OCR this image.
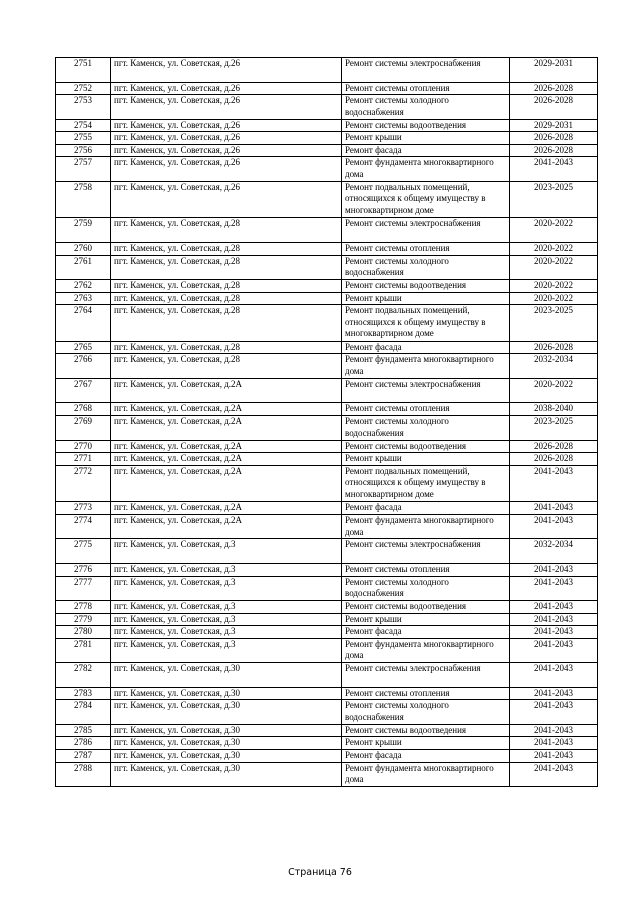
2751	пгт. Каменск, ул. Советская, д.26	Ремонт системы электроснабжения	2029-2031
2752	пгт. Каменск, ул. Советская, д.26	Ремонт системы отопления	2026-2028
2753	пгт. Каменск, ул. Советская, д.26	Ремонт системы холодного водоснабжения	2026-2028
2754	пгт. Каменск, ул. Советская, д.26	Ремонт системы водоотведения	2029-2031
2755	пгт. Каменск, ул. Советская, д.26	Ремонт крыши	2026-2028
2756	пгт. Каменск, ул. Советская, д.26	Ремонт фасада	2026-2028
2757	пгт. Каменск, ул. Советская, д.26	Ремонт фундамента многоквартирного дома	2041-2043
2758	пгт. Каменск, ул. Советская, д.26	Ремонт подвальных помещений, относящихся к общему имуществу в многоквартирном доме	2023-2025
2759	пгт. Каменск, ул. Советская, д.28	Ремонт системы электроснабжения	2020-2022
2760	пгт. Каменск, ул. Советская, д.28	Ремонт системы отопления	2020-2022
2761	пгт. Каменск, ул. Советская, д.28	Ремонт системы холодного водоснабжения	2020-2022
2762	пгт. Каменск, ул. Советская, д.28	Ремонт системы водоотведения	2020-2022
2763	пгт. Каменск, ул. Советская, д.28	Ремонт крыши	2020-2022
2764	пгт. Каменск, ул. Советская, д.28	Ремонт подвальных помещений, относящихся к общему имуществу в многоквартирном доме	2023-2025
2765	пгт. Каменск, ул. Советская, д.28	Ремонт фасада	2026-2028
2766	пгт. Каменск, ул. Советская, д.28	Ремонт фундамента многоквартирного дома	2032-2034
2767	пгт. Каменск, ул. Советская, д.2А	Ремонт системы электроснабжения	2020-2022
2768	пгт. Каменск, ул. Советская, д.2А	Ремонт системы отопления	2038-2040
2769	пгт. Каменск, ул. Советская, д.2А	Ремонт системы холодного водоснабжения	2023-2025
2770	пгт. Каменск, ул. Советская, д.2А	Ремонт системы водоотведения	2026-2028
2771	пгт. Каменск, ул. Советская, д.2А	Ремонт крыши	2026-2028
2772	пгт. Каменск, ул. Советская, д.2А	Ремонт подвальных помещений, относящихся к общему имуществу в многоквартирном доме	2041-2043
2773	пгт. Каменск, ул. Советская, д.2А	Ремонт фасада	2041-2043
2774	пгт. Каменск, ул. Советская, д.2А	Ремонт фундамента многоквартирного дома	2041-2043
2775	пгт. Каменск, ул. Советская, д.3	Ремонт системы электроснабжения	2032-2034
2776	пгт. Каменск, ул. Советская, д.3	Ремонт системы отопления	2041-2043
2777	пгт. Каменск, ул. Советская, д.3	Ремонт системы холодного водоснабжения	2041-2043
2778	пгт. Каменск, ул. Советская, д.3	Ремонт системы водоотведения	2041-2043
2779	пгт. Каменск, ул. Советская, д.3	Ремонт крыши	2041-2043
2780	пгт. Каменск, ул. Советская, д.3	Ремонт фасада	2041-2043
2781	пгт. Каменск, ул. Советская, д.3	Ремонт фундамента многоквартирного дома	2041-2043
2782	пгт. Каменск, ул. Советская, д.30	Ремонт системы электроснабжения	2041-2043
2783	пгт. Каменск, ул. Советская, д.30	Ремонт системы отопления	2041-2043
2784	пгт. Каменск, ул. Советская, д.30	Ремонт системы холодного водоснабжения	2041-2043
2785	пгт. Каменск, ул. Советская, д.30	Ремонт системы водоотведения	2041-2043
2786	пгт. Каменск, ул. Советская, д.30	Ремонт крыши	2041-2043
2787	пгт. Каменск, ул. Советская, д.30	Ремонт фасада	2041-2043
2788	пгт. Каменск, ул. Советская, д.30	Ремонт фундамента многоквартирного дома	2041-2043
Страница 76
